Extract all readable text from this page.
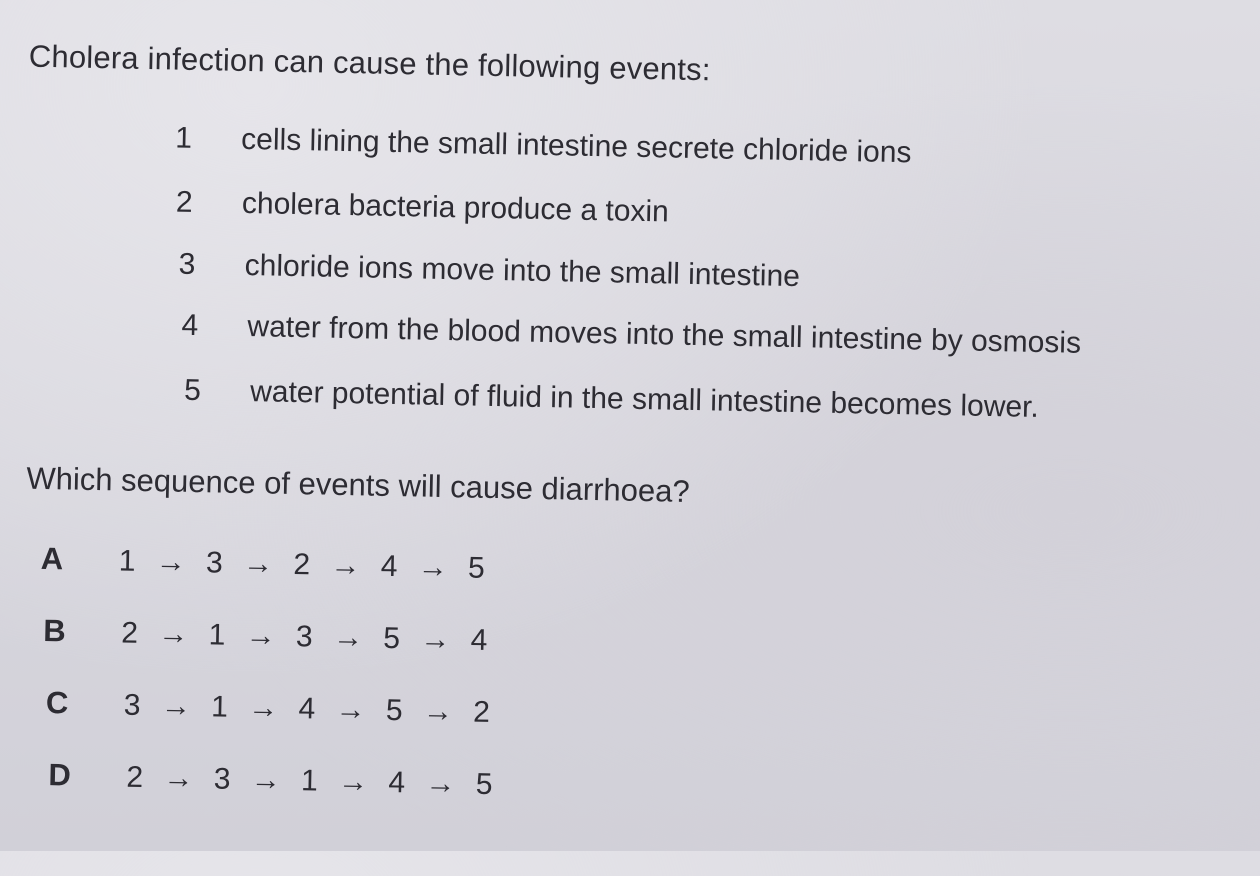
Cholera infection can cause the following events:
1	cells lining the small intestine secrete chloride ions
2	cholera bacteria produce a toxin
3	chloride ions move into the small intestine
4	water from the blood moves into the small intestine by osmosis
5	water potential of fluid in the small intestine becomes lower.
Which sequence of events will cause diarrhoea?
A	1 → 3 → 2 → 4 → 5
B	2 → 1 → 3 → 5 → 4
C	3 → 1 → 4 → 5 → 2
D	2 → 3 → 1 → 4 → 5
